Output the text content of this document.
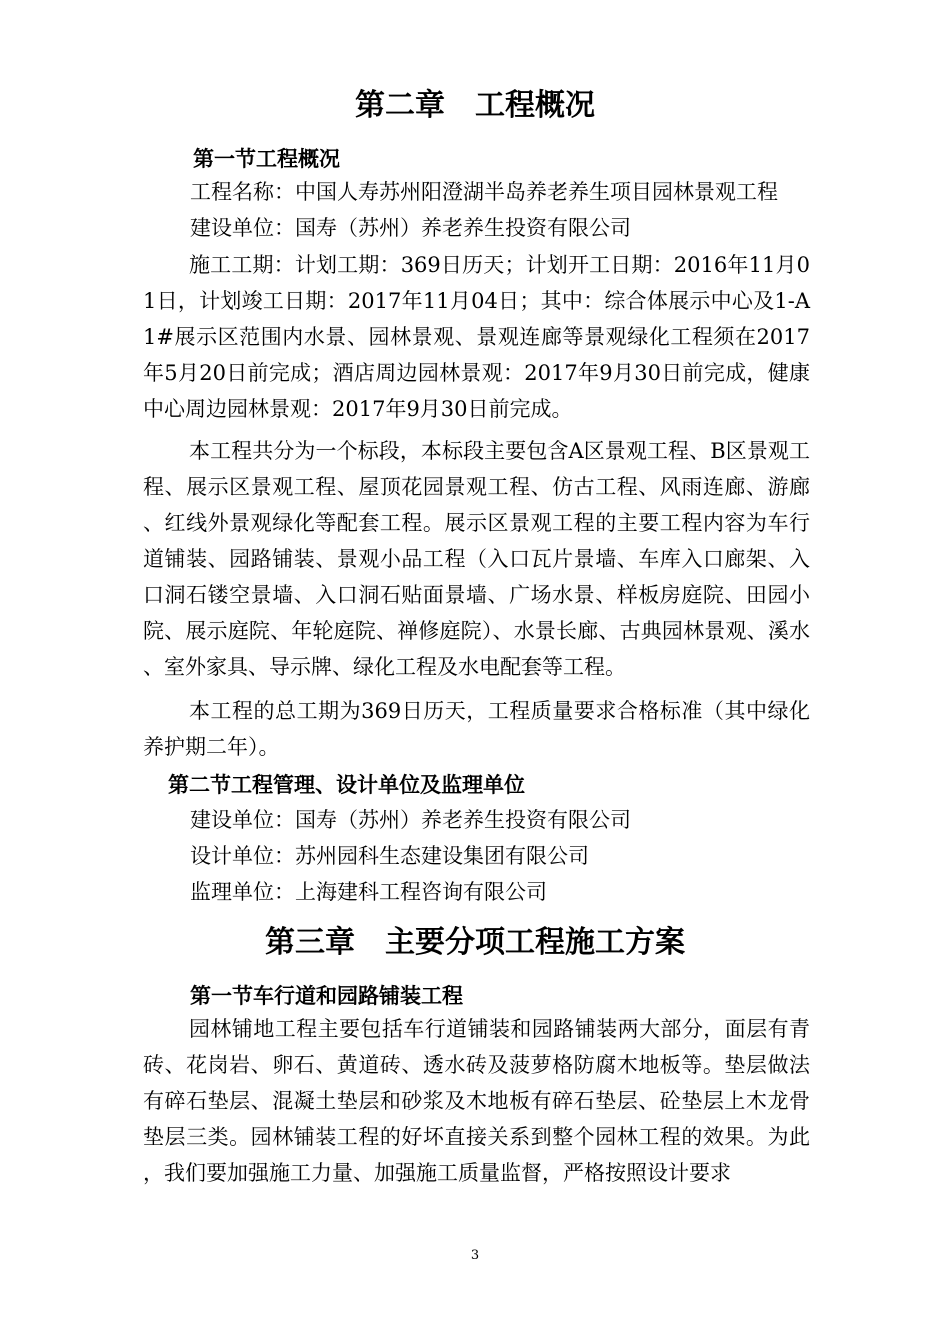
第二章　工程概况
第一节工程概况

工程名称：中国人寿苏州阳澄湖半岛养老养生项目园林景观工程

建设单位：国寿（苏州）养老养生投资有限公司

施工工期：计划工期：369日历天；计划开工日期：2016年11月01日，计划竣工日期：2017年11月04日；其中：综合体展示中心及1-A1#展示区范围内水景、园林景观、景观连廊等景观绿化工程须在2017年5月20日前完成；酒店周边园林景观：2017年9月30日前完成，健康中心周边园林景观：2017年9月30日前完成。

本工程共分为一个标段，本标段主要包含A区景观工程、B区景观工程、展示区景观工程、屋顶花园景观工程、仿古工程、风雨连廊、游廊、红线外景观绿化等配套工程。展示区景观工程的主要工程内容为车行道铺装、园路铺装、景观小品工程（入口瓦片景墙、车库入口廊架、入口洞石镂空景墙、入口洞石贴面景墙、广场水景、样板房庭院、田园小院、展示庭院、年轮庭院、禅修庭院）、水景长廊、古典园林景观、溪水、室外家具、导示牌、绿化工程及水电配套等工程。

本工程的总工期为369日历天，工程质量要求合格标准（其中绿化养护期二年）。

第二节工程管理、设计单位及监理单位

建设单位：国寿（苏州）养老养生投资有限公司

设计单位：苏州园科生态建设集团有限公司

监理单位：上海建科工程咨询有限公司

第三章　主要分项工程施工方案
第一节车行道和园路铺装工程

园林铺地工程主要包括车行道铺装和园路铺装两大部分，面层有青砖、花岗岩、卵石、黄道砖、透水砖及菠萝格防腐木地板等。垫层做法有碎石垫层、混凝土垫层和砂浆及木地板有碎石垫层、砼垫层上木龙骨垫层三类。园林铺装工程的好坏直接关系到整个园林工程的效果。为此，我们要加强施工力量、加强施工质量监督，严格按照设计要求

3
